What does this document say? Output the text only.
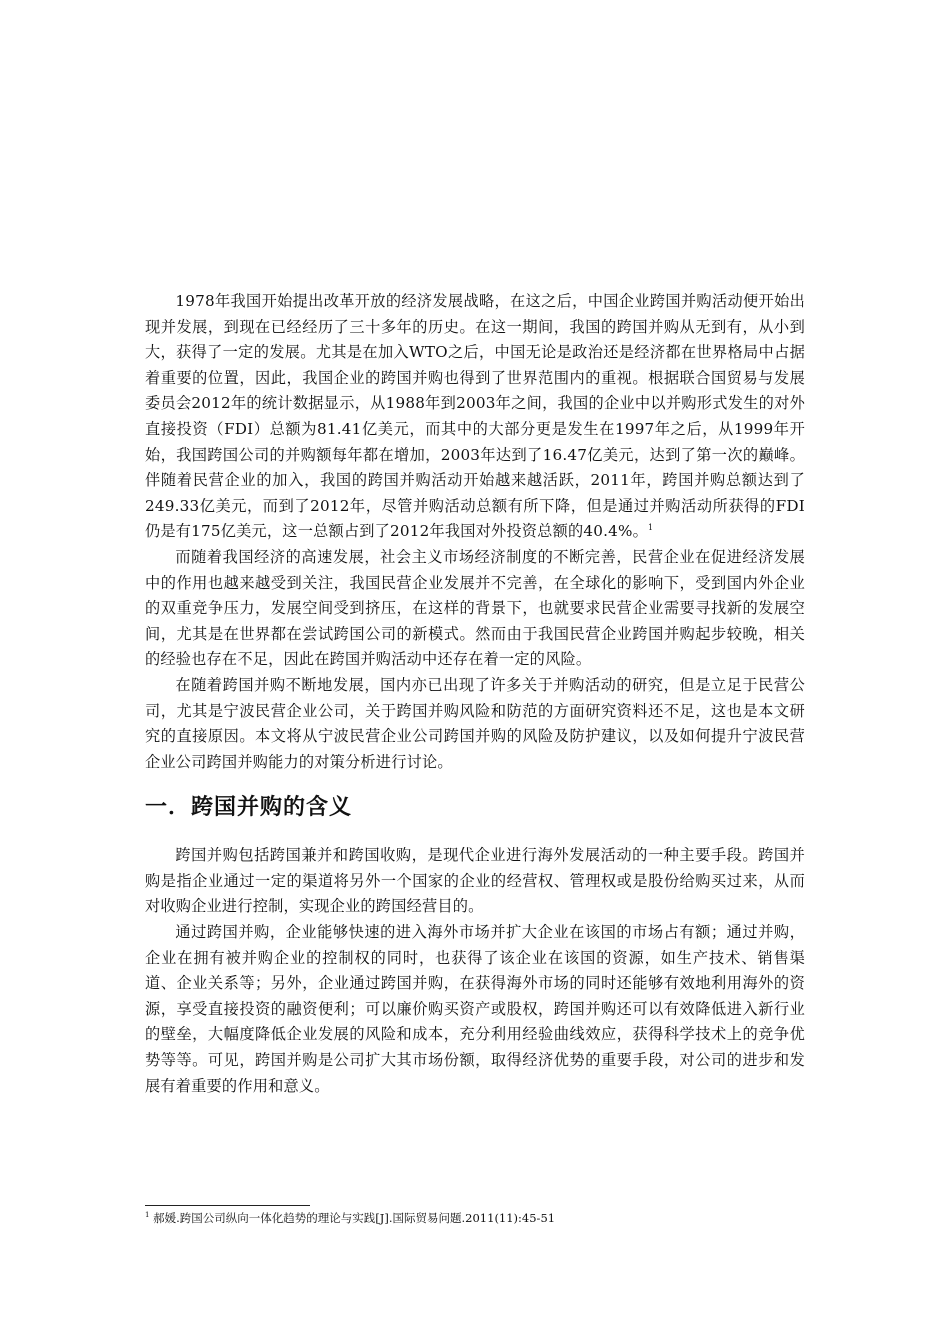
1978年我国开始提出改革开放的经济发展战略，在这之后，中国企业跨国并购活动便开始出现并发展，到现在已经经历了三十多年的历史。在这一期间，我国的跨国并购从无到有，从小到大，获得了一定的发展。尤其是在加入WTO之后，中国无论是政治还是经济都在世界格局中占据着重要的位置，因此，我国企业的跨国并购也得到了世界范围内的重视。根据联合国贸易与发展委员会2012年的统计数据显示，从1988年到2003年之间，我国的企业中以并购形式发生的对外直接投资（FDI）总额为81.41亿美元，而其中的大部分更是发生在1997年之后，从1999年开始，我国跨国公司的并购额每年都在增加，2003年达到了16.47亿美元，达到了第一次的巅峰。伴随着民营企业的加入，我国的跨国并购活动开始越来越活跃，2011年，跨国并购总额达到了249.33亿美元，而到了2012年，尽管并购活动总额有所下降，但是通过并购活动所获得的FDI仍是有175亿美元，这一总额占到了2012年我国对外投资总额的40.4%。$^1$

而随着我国经济的高速发展，社会主义市场经济制度的不断完善，民营企业在促进经济发展中的作用也越来越受到关注，我国民营企业发展并不完善，在全球化的影响下，受到国内外企业的双重竞争压力，发展空间受到挤压，在这样的背景下，也就要求民营企业需要寻找新的发展空间，尤其是在世界都在尝试跨国公司的新模式。然而由于我国民营企业跨国并购起步较晚，相关的经验也存在不足，因此在跨国并购活动中还存在着一定的风险。

在随着跨国并购不断地发展，国内亦已出现了许多关于并购活动的研究，但是立足于民营公司，尤其是宁波民营企业公司，关于跨国并购风险和防范的方面研究资料还不足，这也是本文研究的直接原因。本文将从宁波民营企业公司跨国并购的风险及防护建议，以及如何提升宁波民营企业公司跨国并购能力的对策分析进行讨论。

一．跨国并购的含义

跨国并购包括跨国兼并和跨国收购，是现代企业进行海外发展活动的一种主要手段。跨国并购是指企业通过一定的渠道将另外一个国家的企业的经营权、管理权或是股份给购买过来，从而对收购企业进行控制，实现企业的跨国经营目的。

通过跨国并购，企业能够快速的进入海外市场并扩大企业在该国的市场占有额；通过并购，企业在拥有被并购企业的控制权的同时，也获得了该企业在该国的资源，如生产技术、销售渠道、企业关系等；另外，企业通过跨国并购，在获得海外市场的同时还能够有效地利用海外的资源，享受直接投资的融资便利；可以廉价购买资产或股权，跨国并购还可以有效降低进入新行业的壁垒，大幅度降低企业发展的风险和成本，充分利用经验曲线效应，获得科学技术上的竞争优势等等。可见，跨国并购是公司扩大其市场份额，取得经济优势的重要手段，对公司的进步和发展有着重要的作用和意义。

$^1$ 郝媛.跨国公司纵向一体化趋势的理论与实践[J].国际贸易问题.2011(11):45-51
